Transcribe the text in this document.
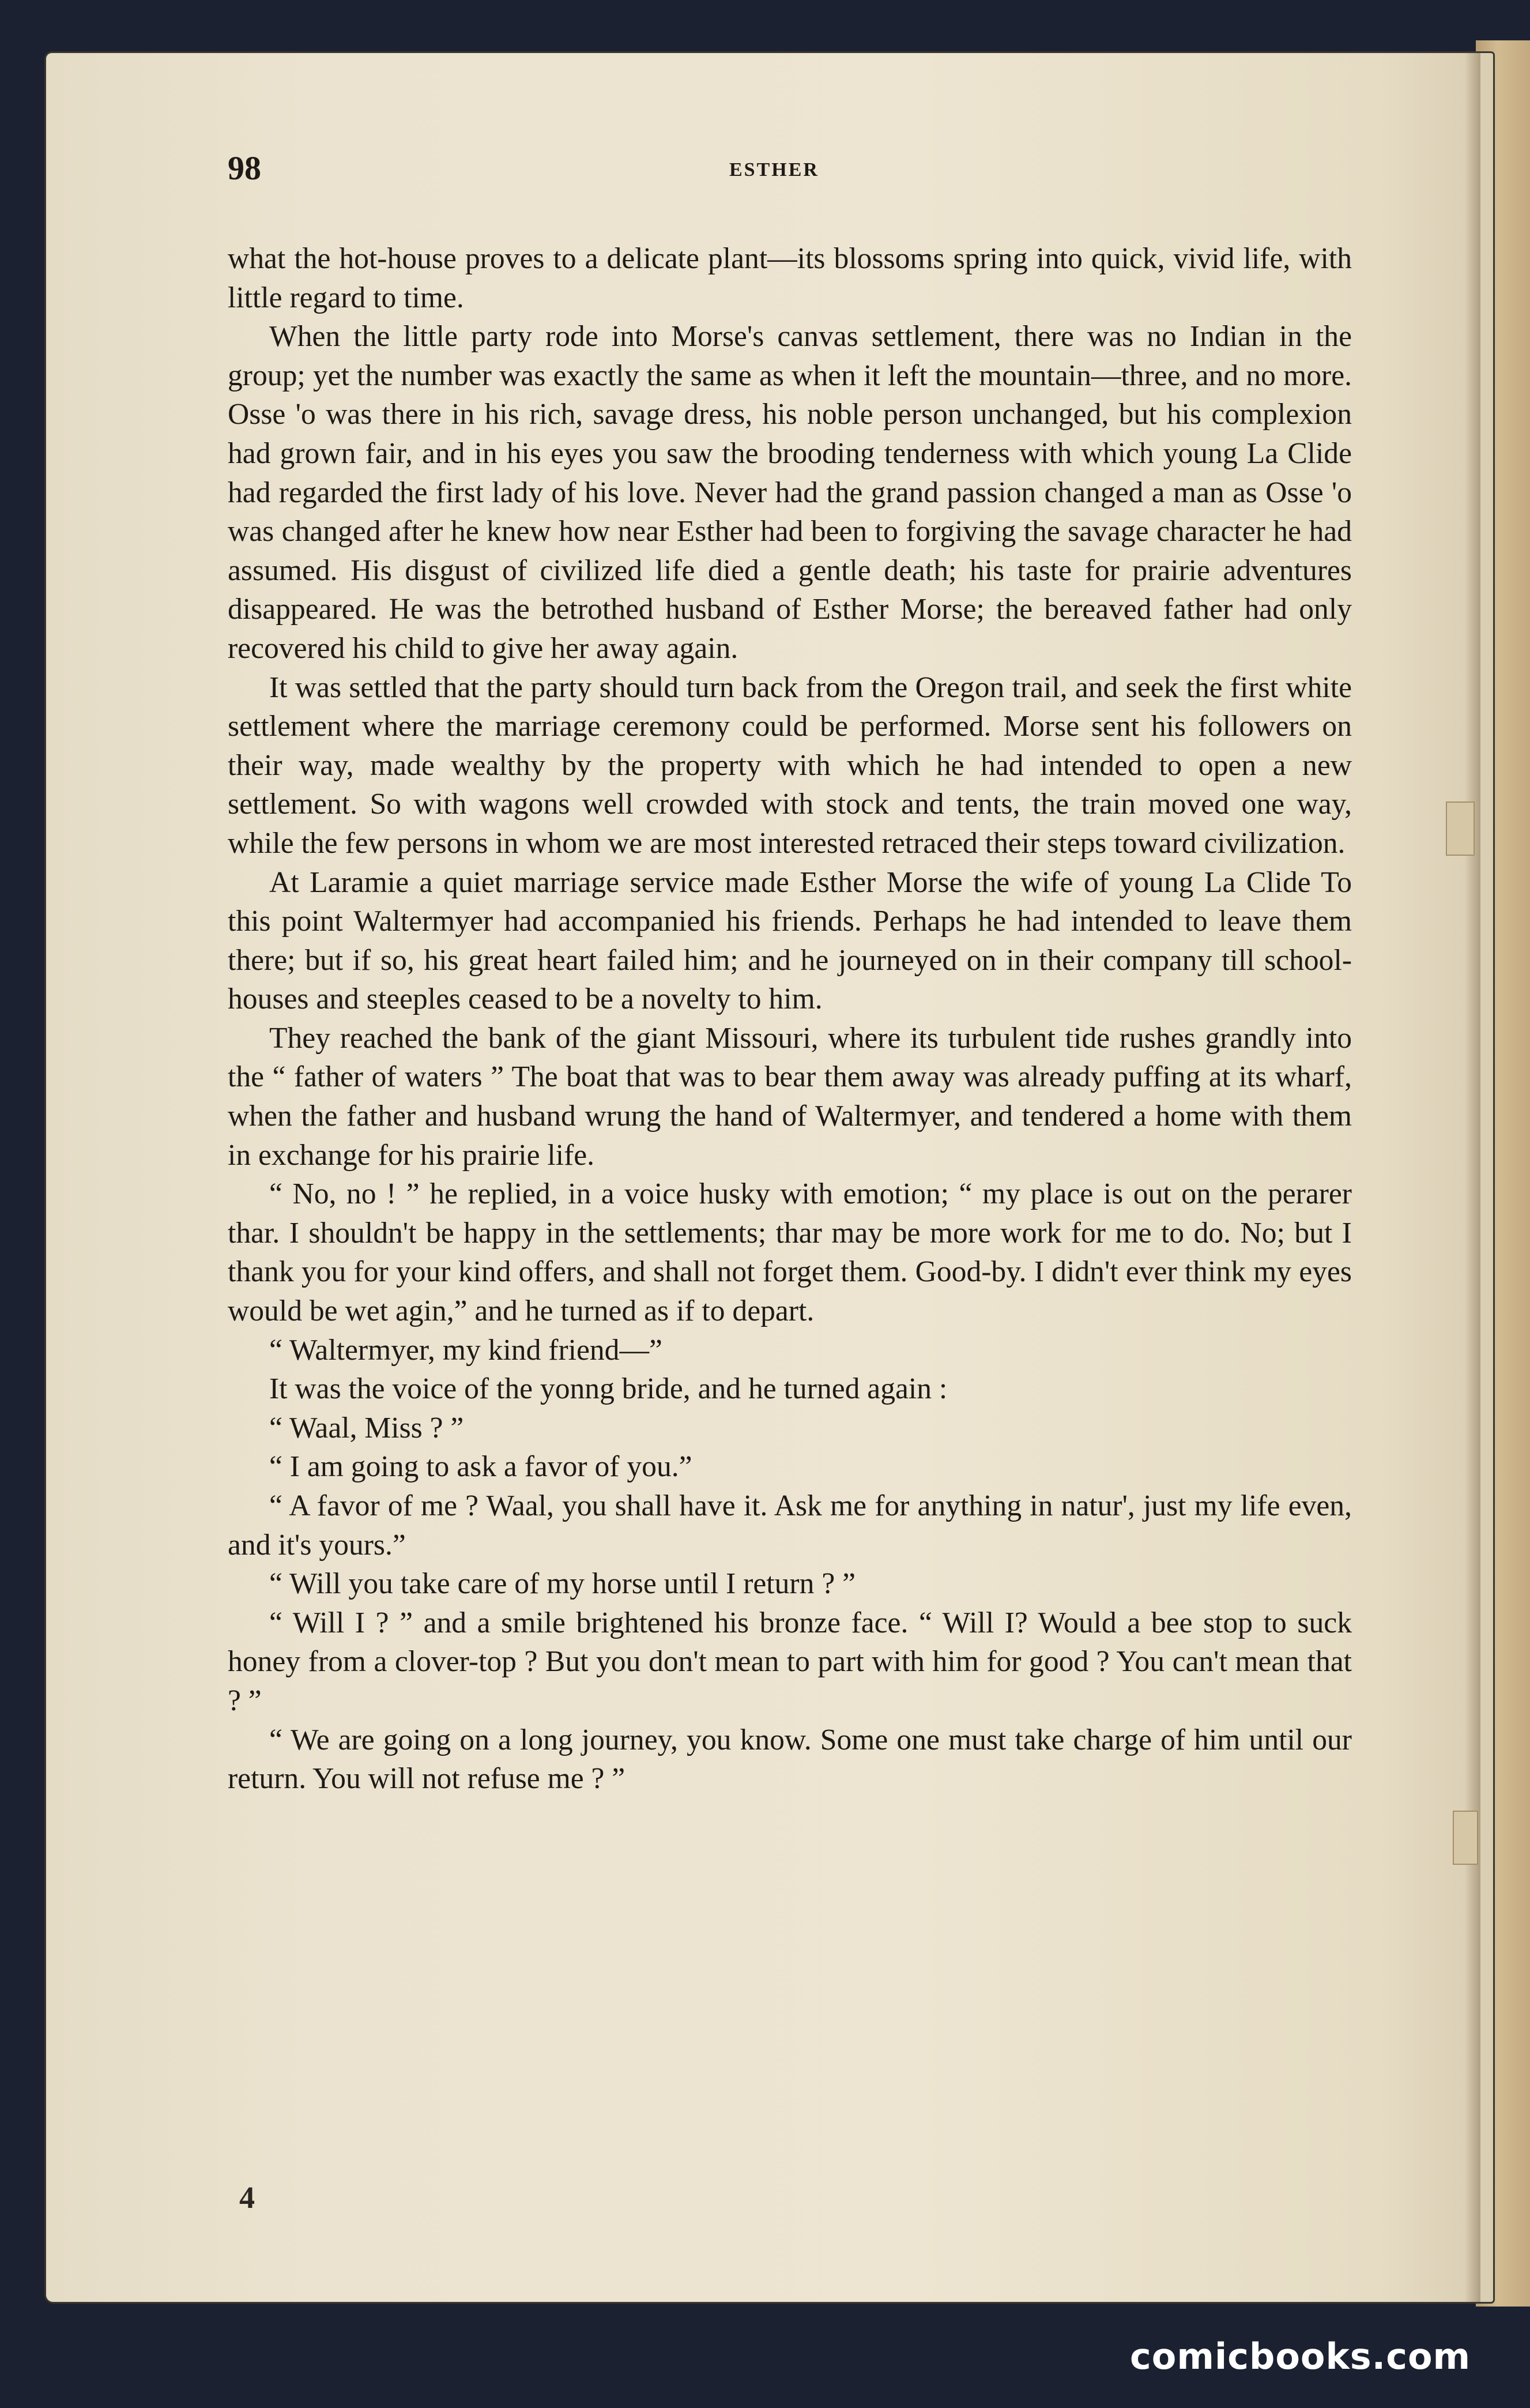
98	ESTHER

what the hot-house proves to a delicate plant—its blossoms spring into quick, vivid life, with little regard to time.

When the little party rode into Morse's canvas settlement, there was no Indian in the group; yet the number was exactly the same as when it left the mountain—three, and no more. Osse 'o was there in his rich, savage dress, his noble person unchanged, but his complexion had grown fair, and in his eyes you saw the brooding tenderness with which young La Clide had regarded the first lady of his love. Never had the grand passion changed a man as Osse 'o was changed after he knew how near Esther had been to forgiving the savage character he had assumed. His disgust of civilized life died a gentle death; his taste for prairie adventures disappeared. He was the betrothed husband of Esther Morse; the bereaved father had only recovered his child to give her away again.

It was settled that the party should turn back from the Oregon trail, and seek the first white settlement where the marriage ceremony could be performed. Morse sent his followers on their way, made wealthy by the property with which he had intended to open a new settlement. So with wagons well crowded with stock and tents, the train moved one way, while the few persons in whom we are most interested retraced their steps toward civilization.

At Laramie a quiet marriage service made Esther Morse the wife of young La Clide To this point Waltermyer had accompanied his friends. Perhaps he had intended to leave them there; but if so, his great heart failed him; and he journeyed on in their company till school-houses and steeples ceased to be a novelty to him.

They reached the bank of the giant Missouri, where its turbulent tide rushes grandly into the “ father of waters ” The boat that was to bear them away was already puffing at its wharf, when the father and husband wrung the hand of Waltermyer, and tendered a home with them in exchange for his prairie life.

“ No, no ! ” he replied, in a voice husky with emotion; “ my place is out on the perarer thar. I shouldn't be happy in the settlements; thar may be more work for me to do. No; but I thank you for your kind offers, and shall not forget them. Good-by. I didn't ever think my eyes would be wet agin,” and he turned as if to depart.

“ Waltermyer, my kind friend—”

It was the voice of the yonng bride, and he turned again :

“ Waal, Miss ? ”

“ I am going to ask a favor of you.”

“ A favor of me ? Waal, you shall have it. Ask me for anything in natur', just my life even, and it's yours.”

“ Will you take care of my horse until I return ? ”

“ Will I ? ” and a smile brightened his bronze face. “ Will I? Would a bee stop to suck honey from a clover-top ? But you don't mean to part with him for good ? You can't mean that ? ”

“ We are going on a long journey, you know. Some one must take charge of him until our return. You will not refuse me ? ”

4
comicbooks.com
